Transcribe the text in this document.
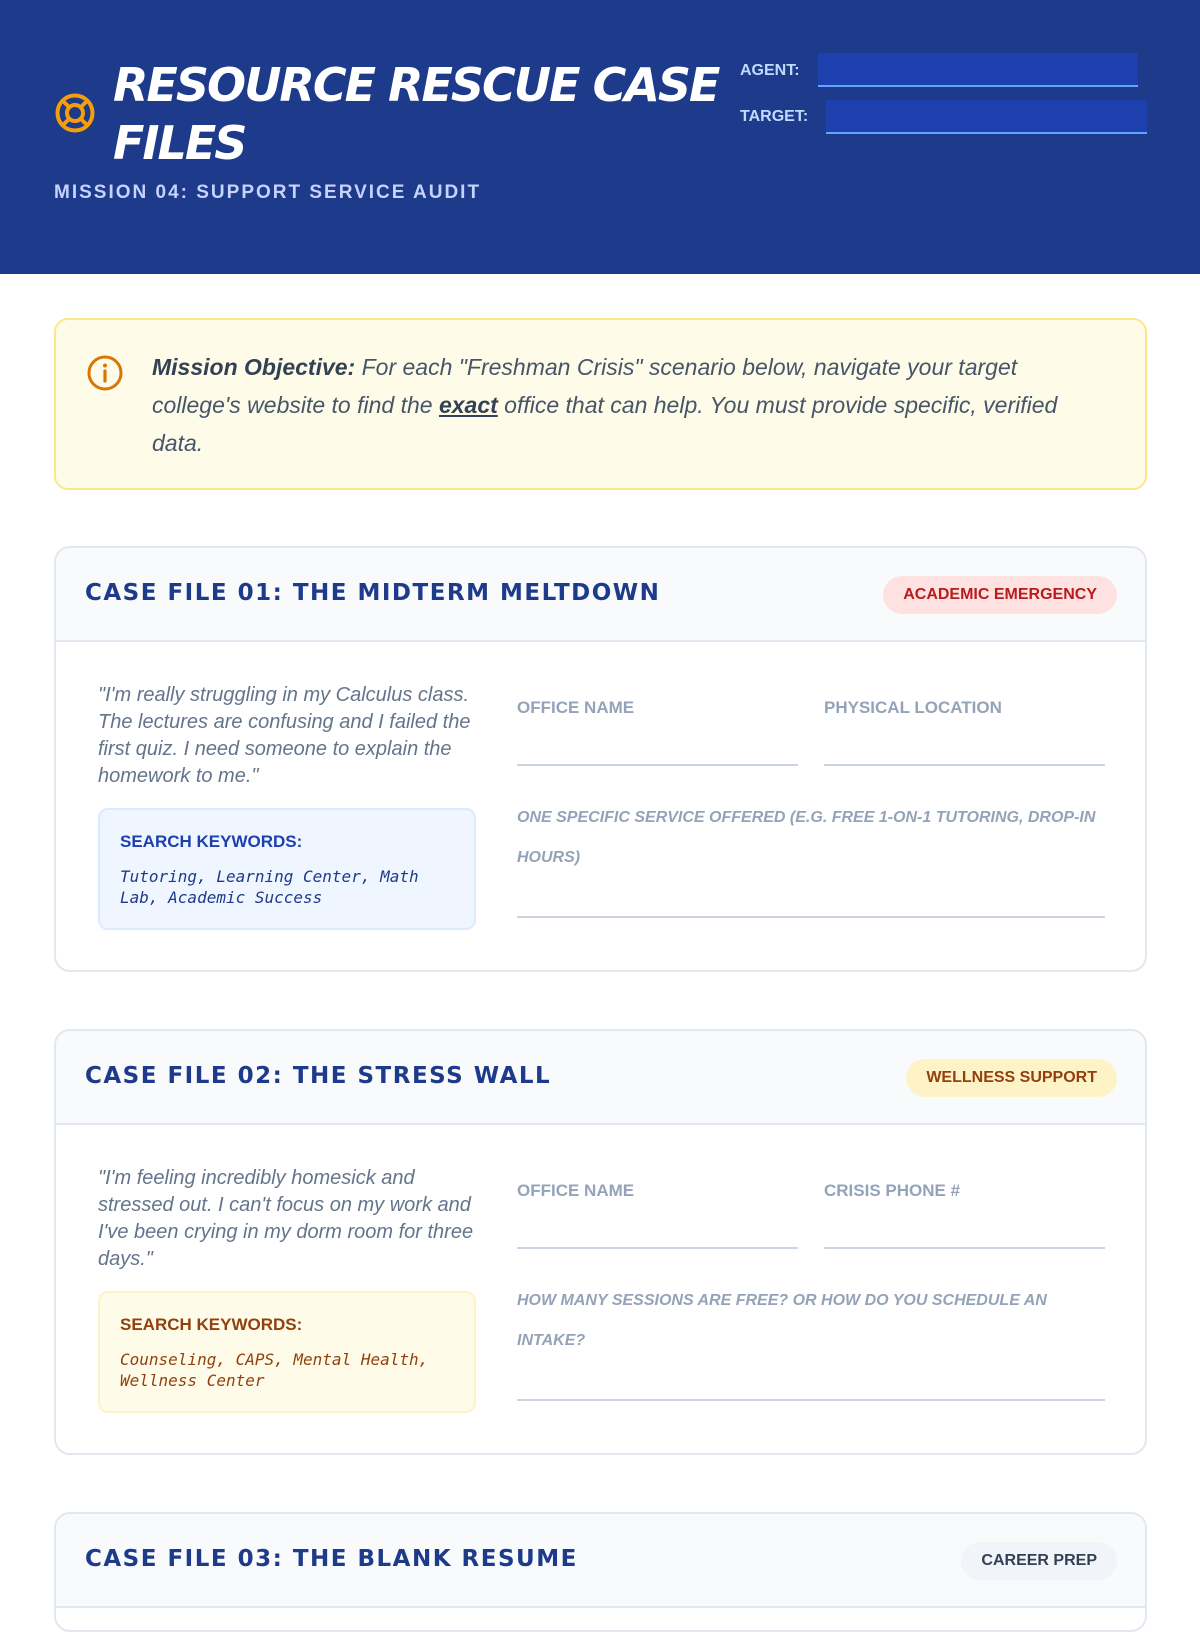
RESOURCE RESCUE CASE FILES
MISSION 04: SUPPORT SERVICE AUDIT
AGENT:
TARGET:

Mission Objective: For each "Freshman Crisis" scenario below, navigate your target college's website to find the exact office that can help. You must provide specific, verified data.

CASE FILE 01: THE MIDTERM MELTDOWN	ACADEMIC EMERGENCY

"I'm really struggling in my Calculus class. The lectures are confusing and I failed the first quiz. I need someone to explain the homework to me."

SEARCH KEYWORDS:
Tutoring, Learning Center, Math Lab, Academic Success
OFFICE NAME	PHYSICAL LOCATION
ONE SPECIFIC SERVICE OFFERED (E.G. FREE 1-ON-1 TUTORING, DROP-IN HOURS)
CASE FILE 02: THE STRESS WALL	WELLNESS SUPPORT

"I'm feeling incredibly homesick and stressed out. I can't focus on my work and I've been crying in my dorm room for three days."

SEARCH KEYWORDS:
Counseling, CAPS, Mental Health, Wellness Center
OFFICE NAME	CRISIS PHONE #
HOW MANY SESSIONS ARE FREE? OR HOW DO YOU SCHEDULE AN INTAKE?
CASE FILE 03: THE BLANK RESUME	CAREER PREP
